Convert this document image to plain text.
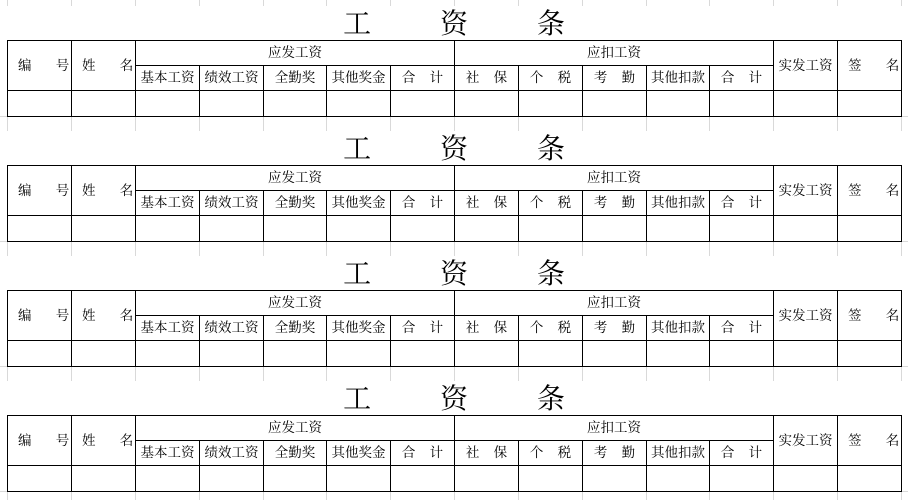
工 资 条
编 号	姓 名	应发工资					应扣工资					实发工资	签 名
		基本工资	绩效工资	全勤奖	其他奖金	合 计	社 保	个 税	考 勤	其他扣款	合 计		

工 资 条
编 号	姓 名	应发工资					应扣工资					实发工资	签 名
		基本工资	绩效工资	全勤奖	其他奖金	合 计	社 保	个 税	考 勤	其他扣款	合 计		

工 资 条
编 号	姓 名	应发工资					应扣工资					实发工资	签 名
		基本工资	绩效工资	全勤奖	其他奖金	合 计	社 保	个 税	考 勤	其他扣款	合 计		

工 资 条
编 号	姓 名	应发工资					应扣工资					实发工资	签 名
		基本工资	绩效工资	全勤奖	其他奖金	合 计	社 保	个 税	考 勤	其他扣款	合 计		
